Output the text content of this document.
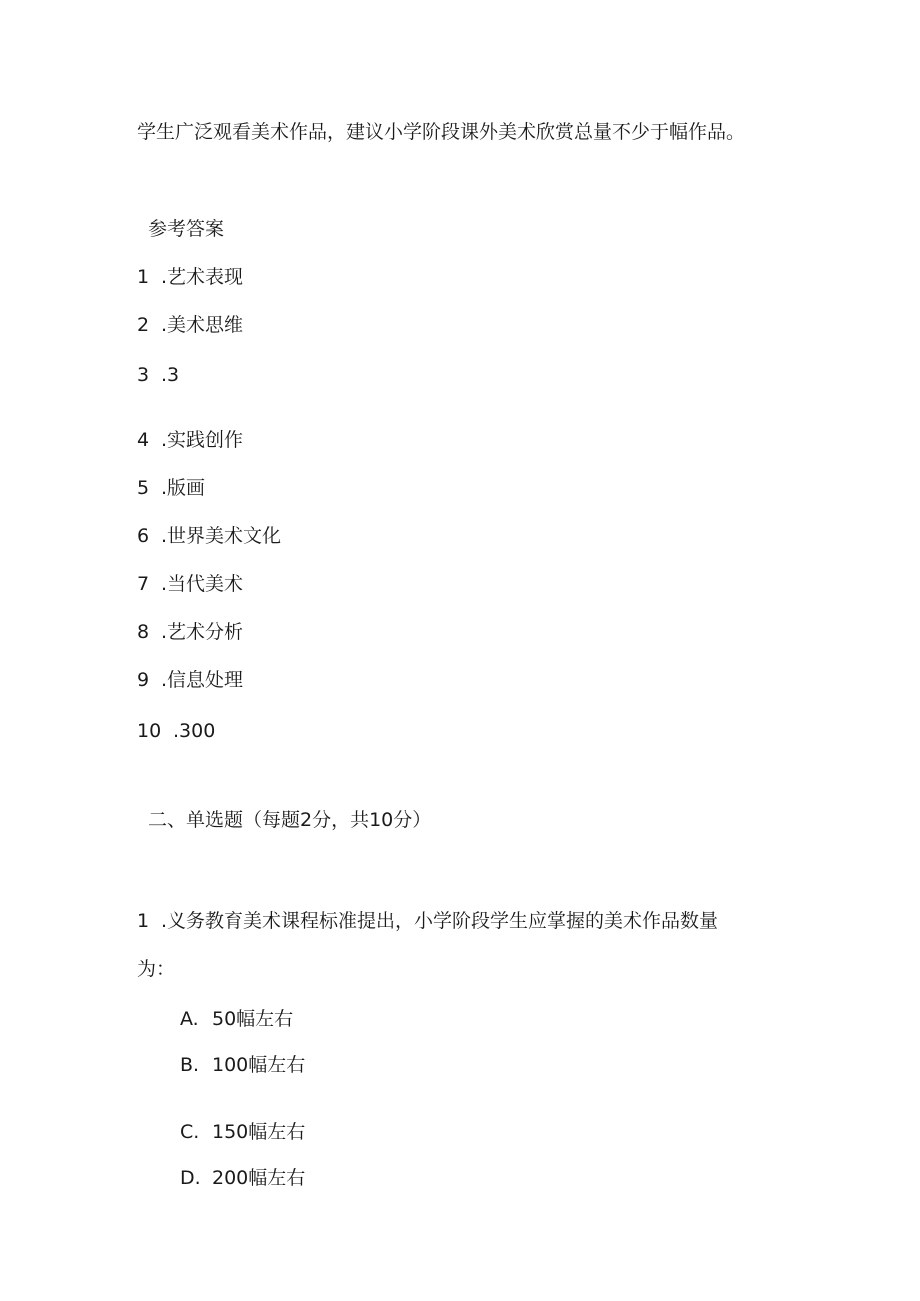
学生广泛观看美术作品，建议小学阶段课外美术欣赏总量不少于幅作品。
参考答案
1 .艺术表现
2 .美术思维
3 .3
4 .实践创作
5 .版画
6 .世界美术文化
7 .当代美术
8 .艺术分析
9 .信息处理
10 .300
二、单选题（每题2分，共10分）
1 .义务教育美术课程标准提出，小学阶段学生应掌握的美术作品数量
为：
A. 50幅左右
B. 100幅左右
C. 150幅左右
D. 200幅左右
